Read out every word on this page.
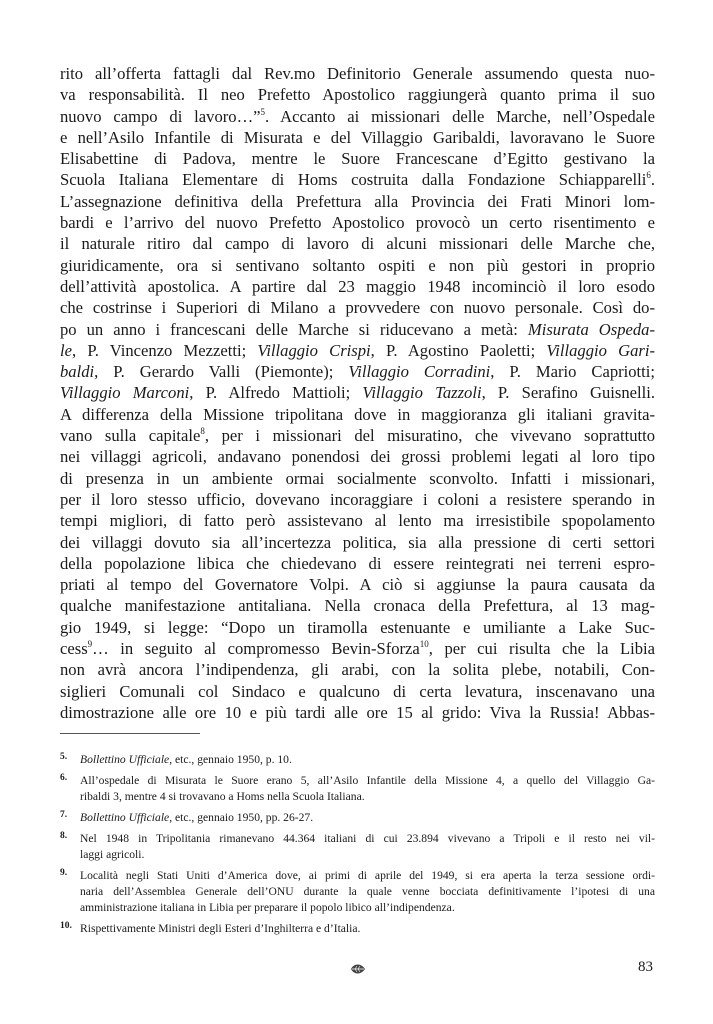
rito all’offerta fattagli dal Rev.mo Definitorio Generale assumendo questa nuo-
va responsabilità. Il neo Prefetto Apostolico raggiungerà quanto prima il suo
nuovo campo di lavoro…”$^5$. Accanto ai missionari delle Marche, nell’Ospedale
e nell’Asilo Infantile di Misurata e del Villaggio Garibaldi, lavoravano le Suore
Elisabettine di Padova, mentre le Suore Francescane d’Egitto gestivano la
Scuola Italiana Elementare di Homs costruita dalla Fondazione Schiapparelli$^6$.
L’assegnazione definitiva della Prefettura alla Provincia dei Frati Minori lom-
bardi e l’arrivo del nuovo Prefetto Apostolico provocò un certo risentimento e
il naturale ritiro dal campo di lavoro di alcuni missionari delle Marche che,
giuridicamente, ora si sentivano soltanto ospiti e non più gestori in proprio
dell’attività apostolica. A partire dal 23 maggio 1948 incominciò il loro esodo
che costrinse i Superiori di Milano a provvedere con nuovo personale. Così do-
po un anno i francescani delle Marche si riducevano a metà: Misurata Ospeda-
le, P. Vincenzo Mezzetti; Villaggio Crispi, P. Agostino Paoletti; Villaggio Gari-
baldi, P. Gerardo Valli (Piemonte); Villaggio Corradini, P. Mario Capriotti;
Villaggio Marconi, P. Alfredo Mattioli; Villaggio Tazzoli, P. Serafino Guisnelli.
A differenza della Missione tripolitana dove in maggioranza gli italiani gravita-
vano sulla capitale$^8$, per i missionari del misuratino, che vivevano soprattutto
nei villaggi agricoli, andavano ponendosi dei grossi problemi legati al loro tipo
di presenza in un ambiente ormai socialmente sconvolto. Infatti i missionari,
per il loro stesso ufficio, dovevano incoraggiare i coloni a resistere sperando in
tempi migliori, di fatto però assistevano al lento ma irresistibile spopolamento
dei villaggi dovuto sia all’incertezza politica, sia alla pressione di certi settori
della popolazione libica che chiedevano di essere reintegrati nei terreni espro-
priati al tempo del Governatore Volpi. A ciò si aggiunse la paura causata da
qualche manifestazione antitaliana. Nella cronaca della Prefettura, al 13 mag-
gio 1949, si legge: “Dopo un tiramolla estenuante e umiliante a Lake Suc-
cess$^9$… in seguito al compromesso Bevin-Sforza$^{10}$, per cui risulta che la Libia
non avrà ancora l’indipendenza, gli arabi, con la solita plebe, notabili, Con-
siglieri Comunali col Sindaco e qualcuno di certa levatura, inscenavano una
dimostrazione alle ore 10 e più tardi alle ore 15 al grido: Viva la Russia! Abbas-
5. Bollettino Ufficiale, etc., gennaio 1950, p. 10.
6. All’ospedale di Misurata le Suore erano 5, all’Asilo Infantile della Missione 4, a quello del Villaggio Ga-
ribaldi 3, mentre 4 si trovavano a Homs nella Scuola Italiana.
7. Bollettino Ufficiale, etc., gennaio 1950, pp. 26-27.
8. Nel 1948 in Tripolitania rimanevano 44.364 italiani di cui 23.894 vivevano a Tripoli e il resto nei vil-
laggi agricoli.
9. Località negli Stati Uniti d’America dove, ai primi di aprile del 1949, si era aperta la terza sessione ordi-
naria dell’Assemblea Generale dell’ONU durante la quale venne bocciata definitivamente l’ipotesi di una
amministrazione italiana in Libia per preparare il popolo libico all’indipendenza.
10. Rispettivamente Ministri degli Esteri d’Inghilterra e d’Italia.
83
